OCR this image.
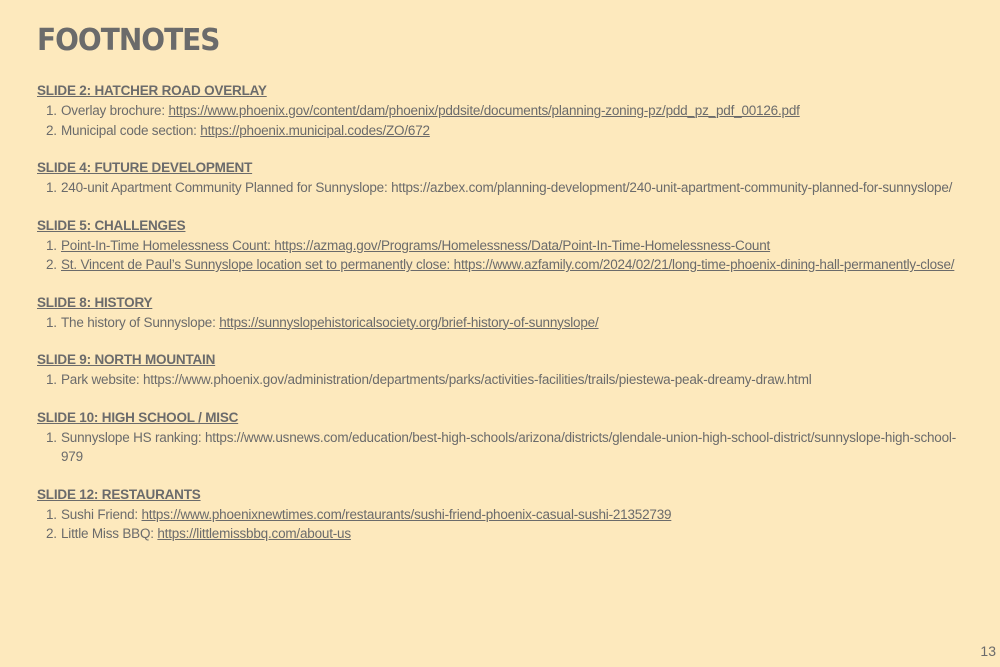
FOOTNOTES
SLIDE 2: HATCHER ROAD OVERLAY
1. Overlay brochure: https://www.phoenix.gov/content/dam/phoenix/pddsite/documents/planning-zoning-pz/pdd_pz_pdf_00126.pdf
2. Municipal code section: https://phoenix.municipal.codes/ZO/672
SLIDE 4: FUTURE DEVELOPMENT
1. 240-unit Apartment Community Planned for Sunnyslope: https://azbex.com/planning-development/240-unit-apartment-community-planned-for-sunnyslope/
SLIDE 5: CHALLENGES
1. Point-In-Time Homelessness Count: https://azmag.gov/Programs/Homelessness/Data/Point-In-Time-Homelessness-Count
2. St. Vincent de Paul’s Sunnyslope location set to permanently close: https://www.azfamily.com/2024/02/21/long-time-phoenix-dining-hall-permanently-close/
SLIDE 8: HISTORY
1. The history of Sunnyslope: https://sunnyslopehistoricalsociety.org/brief-history-of-sunnyslope/
SLIDE 9: NORTH MOUNTAIN
1. Park website: https://www.phoenix.gov/administration/departments/parks/activities-facilities/trails/piestewa-peak-dreamy-draw.html
SLIDE 10: HIGH SCHOOL / MISC
1. Sunnyslope HS ranking: https://www.usnews.com/education/best-high-schools/arizona/districts/glendale-union-high-school-district/sunnyslope-high-school-979
SLIDE 12: RESTAURANTS
1. Sushi Friend: https://www.phoenixnewtimes.com/restaurants/sushi-friend-phoenix-casual-sushi-21352739
2. Little Miss BBQ: https://littlemissbbq.com/about-us
13
